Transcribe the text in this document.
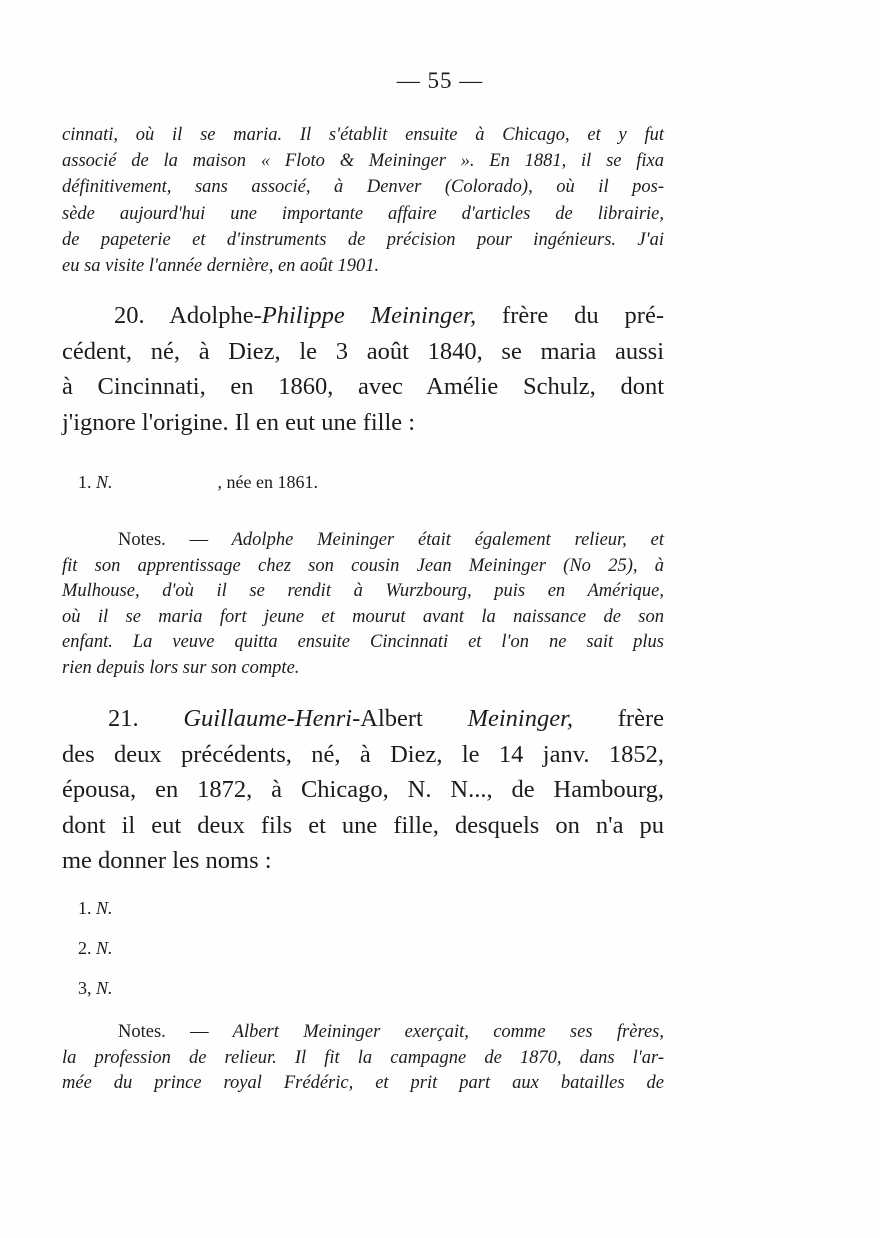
— 55 —
cinnati, où il se maria. Il s'établit ensuite à Chicago, et y fut
associé de la maison « Floto & Meininger ». En 1881, il se fixa
définitivement, sans associé, à Denver (Colorado), où il pos-
sède aujourd'hui une importante affaire d'articles de librairie,
de papeterie et d'instruments de précision pour ingénieurs. J'ai
eu sa visite l'année dernière, en août 1901.
20. Adolphe-Philippe Meininger, frère du pré-
cédent, né, à Diez, le 3 août 1840, se maria aussi
à Cincinnati, en 1860, avec Amélie Schulz, dont
j'ignore l'origine. Il en eut une fille :
1. N.	, née en 1861.
Notes. — Adolphe Meininger était également relieur, et
fit son apprentissage chez son cousin Jean Meininger (No 25), à
Mulhouse, d'où il se rendit à Wurzbourg, puis en Amérique,
où il se maria fort jeune et mourut avant la naissance de son
enfant. La veuve quitta ensuite Cincinnati et l'on ne sait plus
rien depuis lors sur son compte.
21. Guillaume-Henri-Albert Meininger, frère
des deux précédents, né, à Diez, le 14 janv. 1852,
épousa, en 1872, à Chicago, N. N..., de Hambourg,
dont il eut deux fils et une fille, desquels on n'a pu
me donner les noms :
1. N.
2. N.
3, N.
Notes. — Albert Meininger exerçait, comme ses frères,
la profession de relieur. Il fit la campagne de 1870, dans l'ar-
mée du prince royal Frédéric, et prit part aux batailles de
